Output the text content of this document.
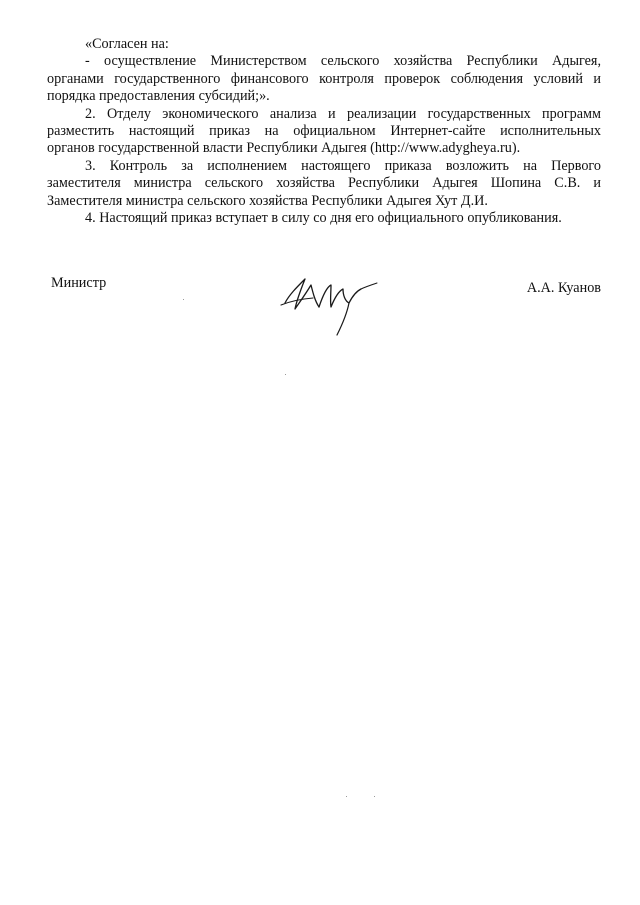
«Согласен на:
- осуществление Министерством сельского хозяйства Республики Адыгея,
органами государственного финансового контроля проверок соблюдения условий и
порядка предоставления субсидий;».
2. Отделу экономического анализа и реализации государственных программ
разместить настоящий приказ на официальном Интернет-сайте исполнительных
органов государственной власти Республики Адыгея (http://www.adygheya.ru).
3. Контроль за исполнением настоящего приказа возложить на Первого
заместителя министра сельского хозяйства Республики Адыгея Шопина С.В. и
Заместителя министра сельского хозяйства Республики Адыгея Хут Д.И.
4. Настоящий приказ вступает в силу со дня его официального опубликования.
Министр	А.А. Куанов
